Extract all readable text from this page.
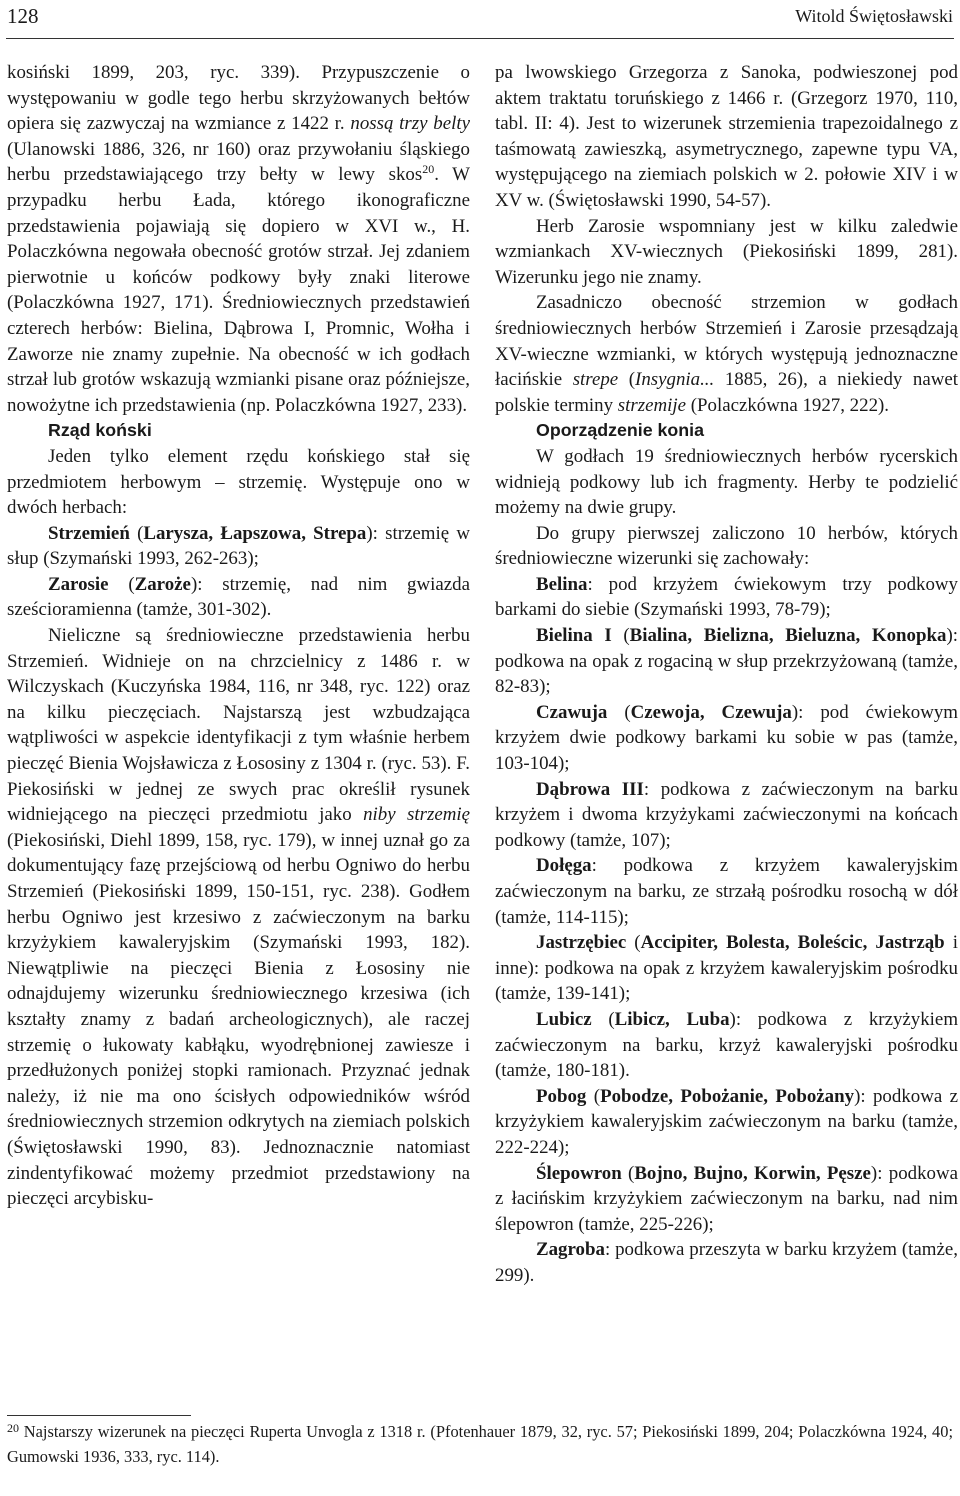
128	Witold Świętosławski

kosiński 1899, 203, ryc. 339). Przypuszczenie o występowaniu w godle tego herbu skrzyżowanych bełtów opiera się zazwyczaj na wzmiance z 1422 r. nossą trzy belty (Ulanowski 1886, 326, nr 160) oraz przywołaniu śląskiego herbu przedstawiającego trzy bełty w lewy skos$^{20}$. W przypadku herbu Łada, którego ikonograficzne przedstawienia pojawiają się dopiero w XVI w., H. Polaczkówna negowała obecność grotów strzał. Jej zdaniem pierwotnie u końców podkowy były znaki literowe (Polaczkówna 1927, 171). Średniowiecznych przedstawień czterech herbów: Bielina, Dąbrowa I, Promnic, Wołha i Zaworze nie znamy zupełnie. Na obecność w ich godłach strzał lub grotów wskazują wzmianki pisane oraz późniejsze, nowożytne ich przedstawienia (np. Polaczkówna 1927, 233).

Rząd koński

Jeden tylko element rzędu końskiego stał się przedmiotem herbowym – strzemię. Występuje ono w dwóch herbach:

Strzemień (Larysza, Łapszowa, Strepa): strzemię w słup (Szymański 1993, 262-263);

Zarosie (Zaroże): strzemię, nad nim gwiazda sześcioramienna (tamże, 301-302).

Nieliczne są średniowieczne przedstawienia herbu Strzemień. Widnieje on na chrzcielnicy z 1486 r. w Wilczyskach (Kuczyńska 1984, 116, nr 348, ryc. 122) oraz na kilku pieczęciach. Najstarszą jest wzbudzająca wątpliwości w aspekcie identyfikacji z tym właśnie herbem pieczęć Bienia Wojsławicza z Łososiny z 1304 r. (ryc. 53). F. Piekosiński w jednej ze swych prac określił rysunek widniejącego na pieczęci przedmiotu jako niby strzemię (Piekosiński, Diehl 1899, 158, ryc. 179), w innej uznał go za dokumentujący fazę przejściową od herbu Ogniwo do herbu Strzemień (Piekosiński 1899, 150-151, ryc. 238). Godłem herbu Ogniwo jest krzesiwo z zaćwieczonym na barku krzyżykiem kawaleryjskim (Szymański 1993, 182). Niewątpliwie na pieczęci Bienia z Łososiny nie odnajdujemy wizerunku średniowiecznego krzesiwa (ich kształty znamy z badań archeologicznych), ale raczej strzemię o łukowaty kabłąku, wyodrębnionej zawiesze i przedłużonych poniżej stopki ramionach. Przyznać jednak należy, iż nie ma ono ścisłych odpowiedników wśród średniowiecznych strzemion odkrytych na ziemiach polskich (Świętosławski 1990, 83). Jednoznacznie natomiast zindentyfikować możemy przedmiot przedstawiony na pieczęci arcybisku-

pa lwowskiego Grzegorza z Sanoka, podwieszonej pod aktem traktatu toruńskiego z 1466 r. (Grzegorz 1970, 110, tabl. II: 4). Jest to wizerunek strzemienia trapezoidalnego z taśmowatą zawieszką, asymetrycznego, zapewne typu VA, występującego na ziemiach polskich w 2. połowie XIV i w XV w. (Świętosławski 1990, 54-57).

Herb Zarosie wspomniany jest w kilku zaledwie wzmiankach XV-wiecznych (Piekosiński 1899, 281). Wizerunku jego nie znamy.

Zasadniczo obecność strzemion w godłach średniowiecznych herbów Strzemień i Zarosie przesądzają XV-wieczne wzmianki, w których występują jednoznaczne łacińskie strepe (Insygnia... 1885, 26), a niekiedy nawet polskie terminy strzemije (Polaczkówna 1927, 222).

Oporządzenie konia

W godłach 19 średniowiecznych herbów rycerskich widnieją podkowy lub ich fragmenty. Herby te podzielić możemy na dwie grupy.

Do grupy pierwszej zaliczono 10 herbów, których średniowieczne wizerunki się zachowały:

Belina: pod krzyżem ćwiekowym trzy podkowy barkami do siebie (Szymański 1993, 78-79);

Bielina I (Bialina, Bielizna, Bieluzna, Konopka): podkowa na opak z rogaciną w słup przekrzyżowaną (tamże, 82-83);

Czawuja (Czewoja, Czewuja): pod ćwiekowym krzyżem dwie podkowy barkami ku sobie w pas (tamże, 103-104);

Dąbrowa III: podkowa z zaćwieczonym na barku krzyżem i dwoma krzyżykami zaćwieczonymi na końcach podkowy (tamże, 107);

Dołęga: podkowa z krzyżem kawaleryjskim zaćwieczonym na barku, ze strzałą pośrodku rosochą w dół (tamże, 114-115);

Jastrzębiec (Accipiter, Bolesta, Boleścic, Jastrząb i inne): podkowa na opak z krzyżem kawaleryjskim pośrodku (tamże, 139-141);

Lubicz (Libicz, Luba): podkowa z krzyżykiem zaćwieczonym na barku, krzyż kawaleryjski pośrodku (tamże, 180-181).

Pobog (Pobodze, Pobożanie, Pobożany): podkowa z krzyżykiem kawaleryjskim zaćwieczonym na barku (tamże, 222-224);

Ślepowron (Bojno, Bujno, Korwin, Pęsze): podkowa z łacińskim krzyżykiem zaćwieczonym na barku, nad nim ślepowron (tamże, 225-226);

Zagroba: podkowa przeszyta w barku krzyżem (tamże, 299).

$^{20}$ Najstarszy wizerunek na pieczęci Ruperta Unvogla z 1318 r. (Pfotenhauer 1879, 32, ryc. 57; Piekosiński 1899, 204; Polaczkówna 1924, 40; Gumowski 1936, 333, ryc. 114).
